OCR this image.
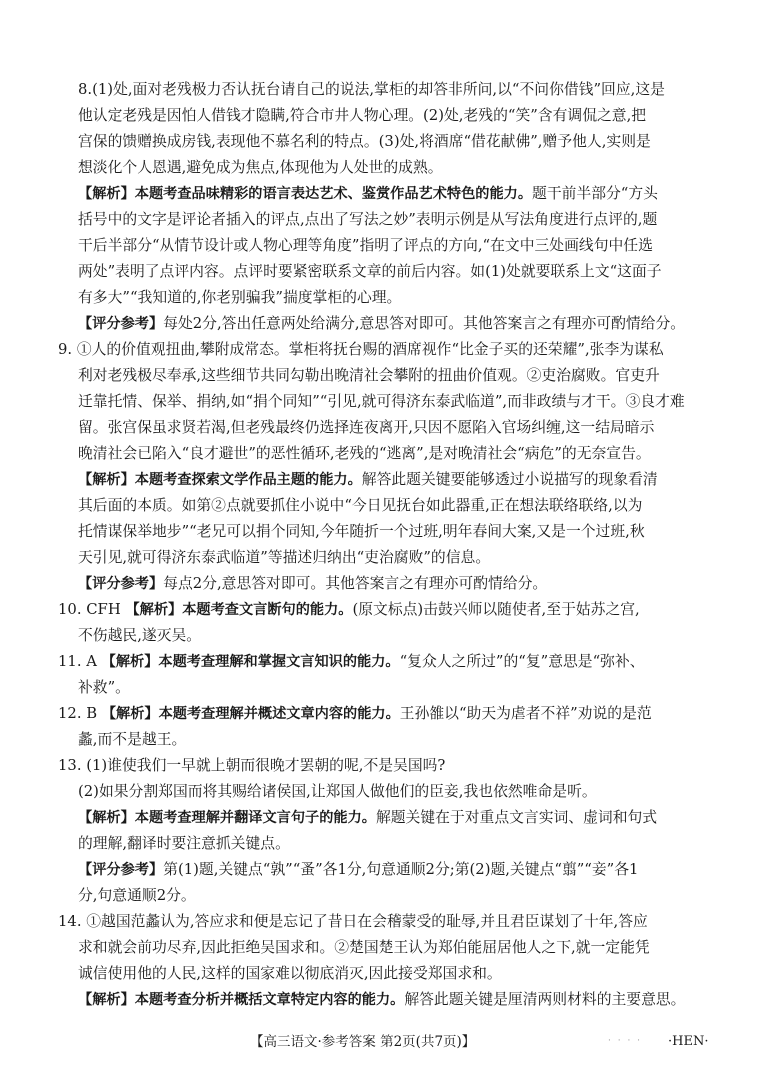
8.(1)处,面对老残极力否认抚台请自己的说法,掌柜的却答非所问,以“不问你借钱”回应,这是
他认定老残是因怕人借钱才隐瞒,符合市井人物心理。(2)处,老残的“笑”含有调侃之意,把
宫保的馈赠换成房钱,表现他不慕名利的特点。(3)处,将酒席“借花献佛”,赠予他人,实则是
想淡化个人恩遇,避免成为焦点,体现他为人处世的成熟。
【解析】本题考查品味精彩的语言表达艺术、鉴赏作品艺术特色的能力。题干前半部分“方头
括号中的文字是评论者插入的评点,点出了写法之妙”表明示例是从写法角度进行点评的,题
干后半部分“从情节设计或人物心理等角度”指明了评点的方向,“在文中三处画线句中任选
两处”表明了点评内容。点评时要紧密联系文章的前后内容。如(1)处就要联系上文“这面子
有多大”“我知道的,你老别骗我”揣度掌柜的心理。
【评分参考】每处2分,答出任意两处给满分,意思答对即可。其他答案言之有理亦可酌情给分。
9. ①人的价值观扭曲,攀附成常态。掌柜将抚台赐的酒席视作“比金子买的还荣耀”,张李为谋私
利对老残极尽奉承,这些细节共同勾勒出晚清社会攀附的扭曲价值观。②吏治腐败。官吏升
迁靠托情、保举、捐纳,如“捐个同知”“引见,就可得济东泰武临道”,而非政绩与才干。③良才难
留。张宫保虽求贤若渴,但老残最终仍选择连夜离开,只因不愿陷入官场纠缠,这一结局暗示
晚清社会已陷入“良才避世”的恶性循环,老残的“逃离”,是对晚清社会“病危”的无奈宣告。
【解析】本题考查探索文学作品主题的能力。解答此题关键要能够透过小说描写的现象看清
其后面的本质。如第②点就要抓住小说中“今日见抚台如此器重,正在想法联络联络,以为
托情谋保举地步”“老兄可以捐个同知,今年随折一个过班,明年春间大案,又是一个过班,秋
天引见,就可得济东泰武临道”等描述归纳出“吏治腐败”的信息。
【评分参考】每点2分,意思答对即可。其他答案言之有理亦可酌情给分。
10. CFH 【解析】本题考查文言断句的能力。(原文标点)击鼓兴师以随使者,至于姑苏之宫,
不伤越民,遂灭吴。
11. A 【解析】本题考查理解和掌握文言知识的能力。“复众人之所过”的“复”意思是“弥补、
补救”。
12. B 【解析】本题考查理解并概述文章内容的能力。王孙雒以“助天为虐者不祥”劝说的是范
蠡,而不是越王。
13. (1)谁使我们一早就上朝而很晚才罢朝的呢,不是吴国吗?
(2)如果分割郑国而将其赐给诸侯国,让郑国人做他们的臣妾,我也依然唯命是听。
【解析】本题考查理解并翻译文言句子的能力。解题关键在于对重点文言实词、虚词和句式
的理解,翻译时要注意抓关键点。
【评分参考】第(1)题,关键点“孰”“蚤”各1分,句意通顺2分;第(2)题,关键点“翦”“妾”各1
分,句意通顺2分。
14. ①越国范蠡认为,答应求和便是忘记了昔日在会稽蒙受的耻辱,并且君臣谋划了十年,答应
求和就会前功尽弃,因此拒绝吴国求和。②楚国楚王认为郑伯能屈居他人之下,就一定能凭
诚信使用他的人民,这样的国家难以彻底消灭,因此接受郑国求和。
【解析】本题考查分析并概括文章特定内容的能力。解答此题关键是厘清两则材料的主要意思。
【高三语文·参考答案 第2页(共7页)】	· · · · ·HEN·
